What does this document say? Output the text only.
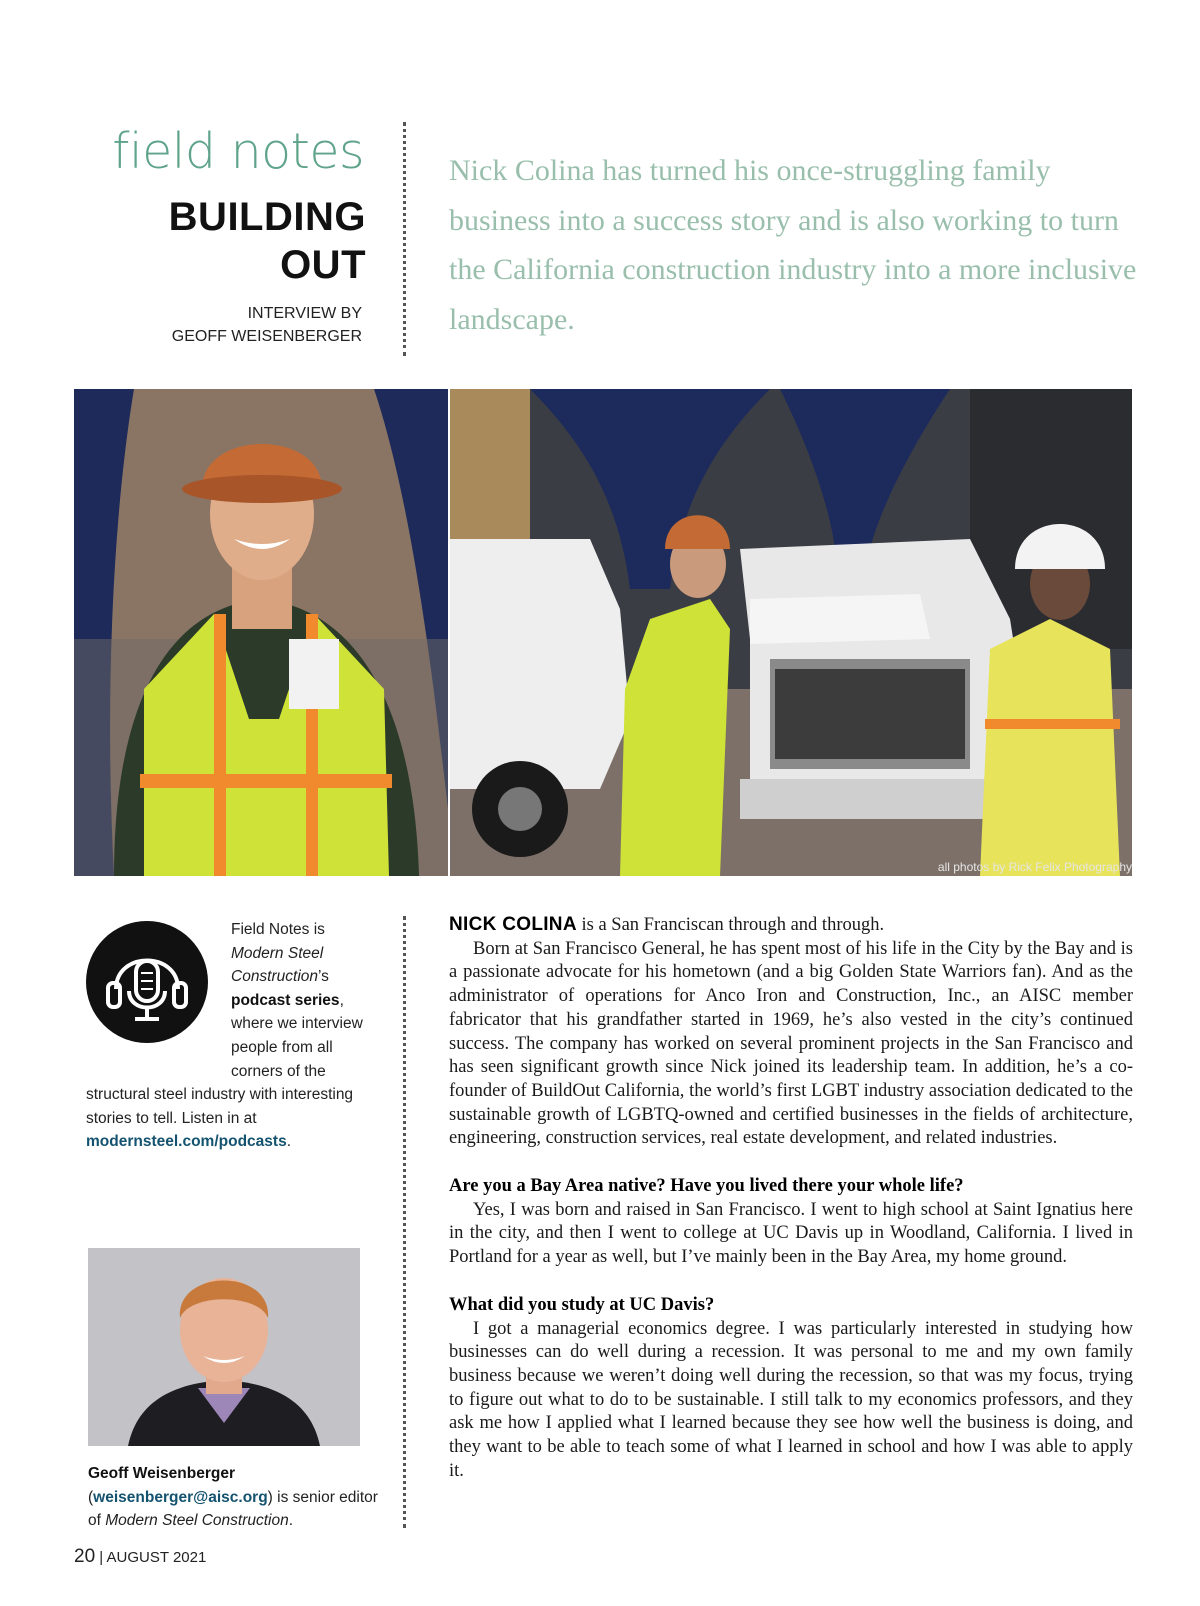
field notes
BUILDING
OUT
INTERVIEW BY
GEOFF WEISENBERGER
Nick Colina has turned his once-struggling family business into a success story and is also working to turn the California construction industry into a more inclusive landscape.
all photos by Rick Felix Photography
Field Notes is Modern Steel Construction’s podcast series, where we interview people from all corners of the structural steel industry with interesting stories to tell. Listen in at modernsteel.com/podcasts.
Geoff Weisenberger
(weisenberger@aisc.org) is senior editor of Modern Steel Construction.
20 | AUGUST 2021

NICK COLINA is a San Franciscan through and through.

Born at San Francisco General, he has spent most of his life in the City by the Bay and is a passionate advocate for his hometown (and a big Golden State Warriors fan). And as the administrator of operations for Anco Iron and Construction, Inc., an AISC member fabricator that his grandfather started in 1969, he’s also vested in the city’s continued success. The company has worked on several prominent projects in the San Francisco and has seen significant growth since Nick joined its leadership team. In addition, he’s a co-founder of BuildOut California, the world’s first LGBT industry association dedicated to the sustainable growth of LGBTQ-owned and certified businesses in the fields of architecture, engineering, construction services, real estate development, and related industries.

Are you a Bay Area native? Have you lived there your whole life?

Yes, I was born and raised in San Francisco. I went to high school at Saint Ignatius here in the city, and then I went to college at UC Davis up in Woodland, California. I lived in Portland for a year as well, but I’ve mainly been in the Bay Area, my home ground.

What did you study at UC Davis?

I got a managerial economics degree. I was particularly interested in studying how businesses can do well during a recession. It was personal to me and my own family business because we weren’t doing well during the recession, so that was my focus, trying to figure out what to do to be sustainable. I still talk to my economics professors, and they ask me how I applied what I learned because they see how well the business is doing, and they want to be able to teach some of what I learned in school and how I was able to apply it.
